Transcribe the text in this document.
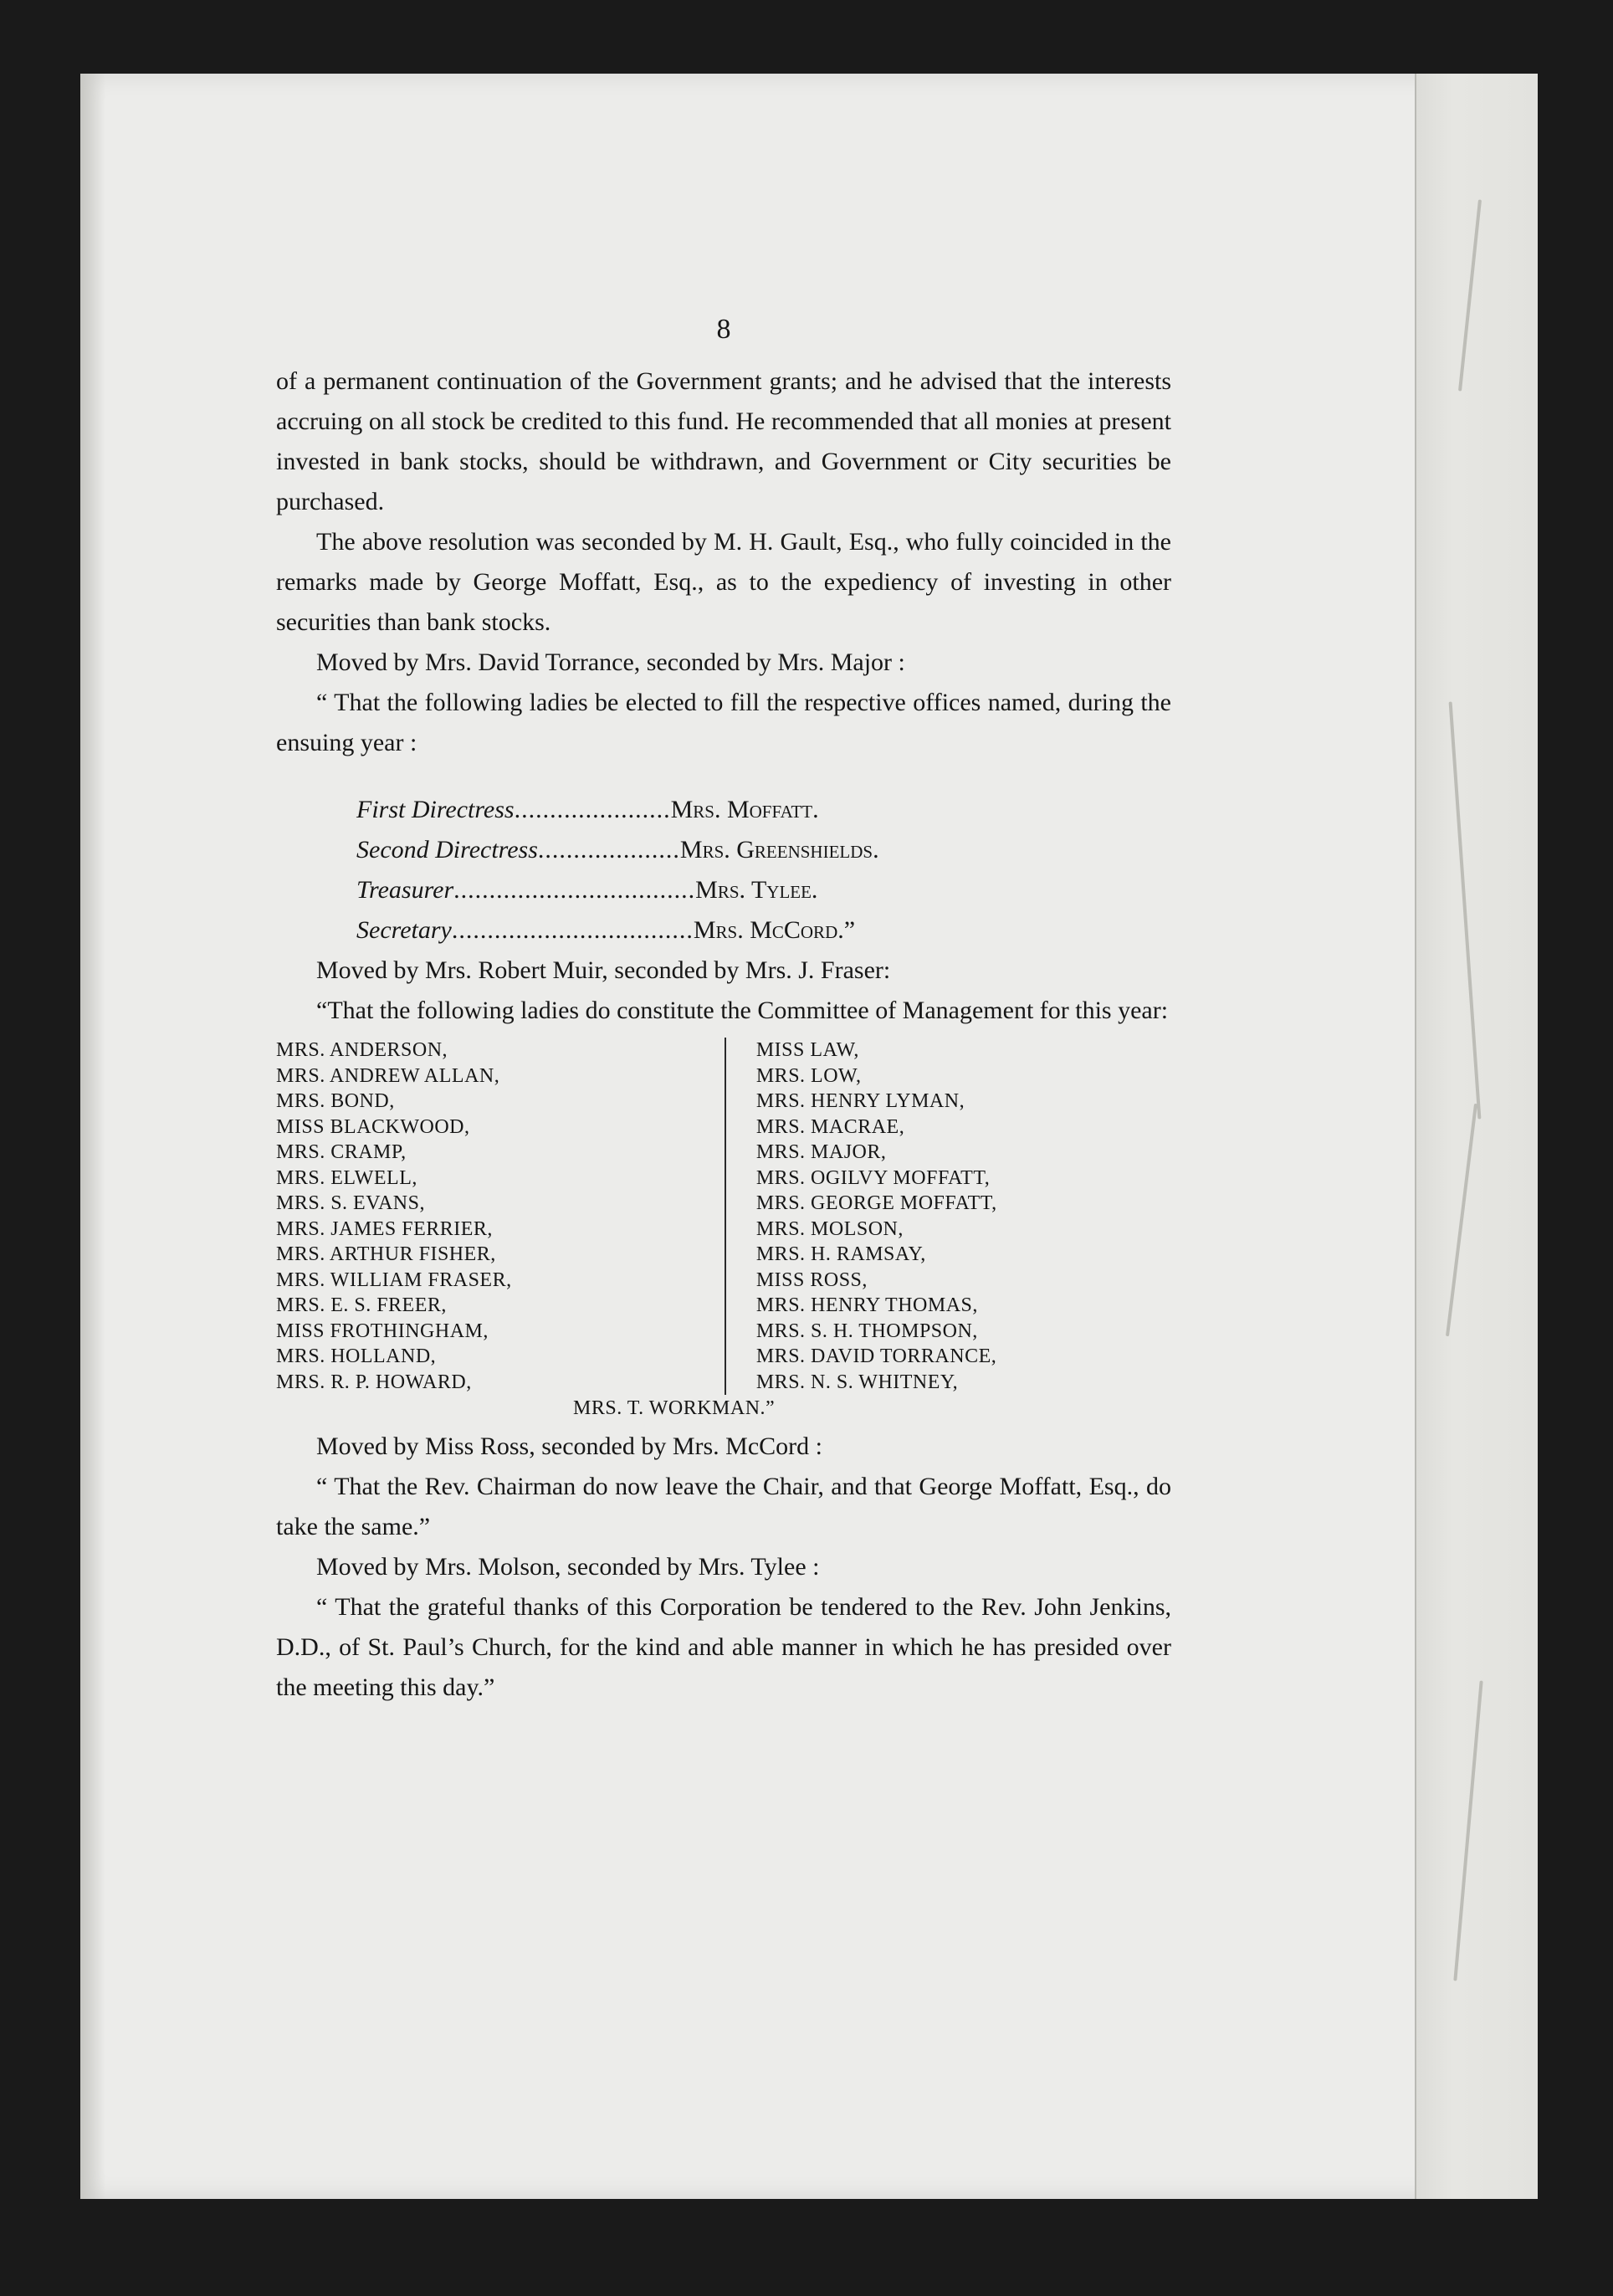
8

of a permanent continuation of the Government grants; and he advised that the interests accruing on all stock be credited to this fund. He recommended that all monies at present invested in bank stocks, should be withdrawn, and Government or City securities be purchased.

The above resolution was seconded by M. H. Gault, Esq., who fully coincided in the remarks made by George Moffatt, Esq., as to the expediency of investing in other securities than bank stocks.

Moved by Mrs. David Torrance, seconded by Mrs. Major :

“ That the following ladies be elected to fill the respective offices named, during the ensuing year :

First Directress ...................... Mrs. Moffatt.
Second Directress .................... Mrs. Greenshields.
Treasurer .................................. Mrs. Tylee.
Secretary .................................. Mrs. McCord.”

Moved by Mrs. Robert Muir, seconded by Mrs. J. Fraser:

“That the following ladies do constitute the Committee of Management for this year:

MRS. ANDERSON,
MRS. ANDREW ALLAN,
MRS. BOND,
MISS BLACKWOOD,
MRS. CRAMP,
MRS. ELWELL,
MRS. S. EVANS,
MRS. JAMES FERRIER,
MRS. ARTHUR FISHER,
MRS. WILLIAM FRASER,
MRS. E. S. FREER,
MISS FROTHINGHAM,
MRS. HOLLAND,
MRS. R. P. HOWARD,
MISS LAW,
MRS. LOW,
MRS. HENRY LYMAN,
MRS. MACRAE,
MRS. MAJOR,
MRS. OGILVY MOFFATT,
MRS. GEORGE MOFFATT,
MRS. MOLSON,
MRS. H. RAMSAY,
MISS ROSS,
MRS. HENRY THOMAS,
MRS. S. H. THOMPSON,
MRS. DAVID TORRANCE,
MRS. N. S. WHITNEY,
MRS. T. WORKMAN.”

Moved by Miss Ross, seconded by Mrs. McCord :

“ That the Rev. Chairman do now leave the Chair, and that George Moffatt, Esq., do take the same.”

Moved by Mrs. Molson, seconded by Mrs. Tylee :

“ That the grateful thanks of this Corporation be tendered to the Rev. John Jenkins, D.D., of St. Paul’s Church, for the kind and able manner in which he has presided over the meeting this day.”
